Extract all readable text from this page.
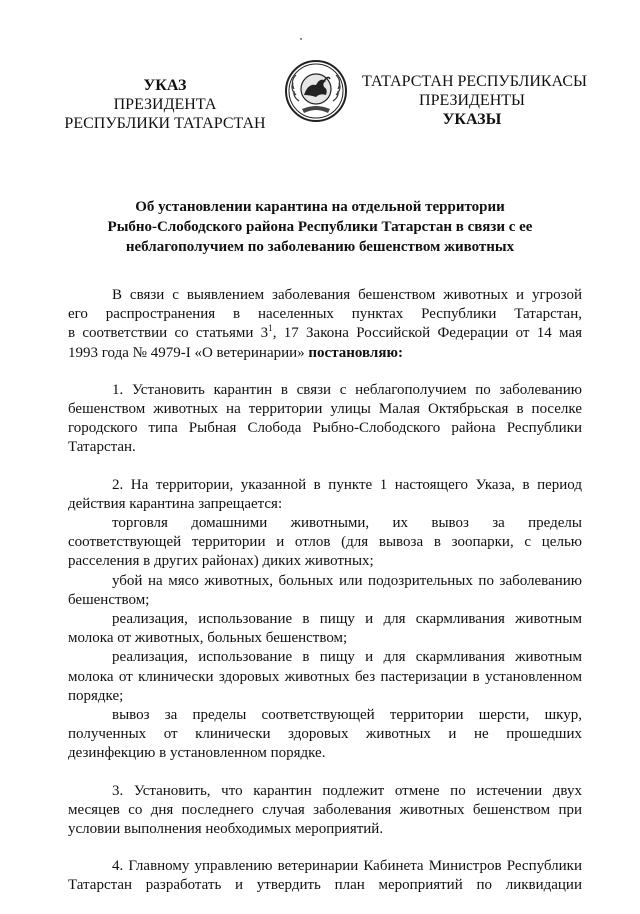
УКАЗ
ПРЕЗИДЕНТА
РЕСПУБЛИКИ ТАТАРСТАН
ТАТАРСТАН РЕСПУБЛИКАСЫ
ПРЕЗИДЕНТЫ
УКАЗЫ
Об установлении карантина на отдельной территории
Рыбно-Слободского района Республики Татарстан в связи с ее
неблагополучием по заболеванию бешенством животных
В связи с выявлением заболевания бешенством животных и угрозой
его распространения в населенных пунктах Республики Татарстан,
в соответствии со статьями $3^1$, 17 Закона Российской Федерации от 14 мая
1993 года № 4979-I «О ветеринарии» постановляю:
1. Установить карантин в связи с неблагополучием по заболеванию
бешенством животных на территории улицы Малая Октябрьская в поселке
городского типа Рыбная Слобода Рыбно-Слободского района Республики
Татарстан.
2. На территории, указанной в пункте 1 настоящего Указа, в период
действия карантина запрещается:
торговля домашними животными, их вывоз за пределы
соответствующей территории и отлов (для вывоза в зоопарки, с целью
расселения в других районах) диких животных;
убой на мясо животных, больных или подозрительных по заболеванию
бешенством;
реализация, использование в пищу и для скармливания животным
молока от животных, больных бешенством;
реализация, использование в пищу и для скармливания животным
молока от клинически здоровых животных без пастеризации в установленном
порядке;
вывоз за пределы соответствующей территории шерсти, шкур,
полученных от клинически здоровых животных и не прошедших
дезинфекцию в установленном порядке.
3. Установить, что карантин подлежит отмене по истечении двух
месяцев со дня последнего случая заболевания животных бешенством при
условии выполнения необходимых мероприятий.
4. Главному управлению ветеринарии Кабинета Министров Республики
Татарстан разработать и утвердить план мероприятий по ликвидации
